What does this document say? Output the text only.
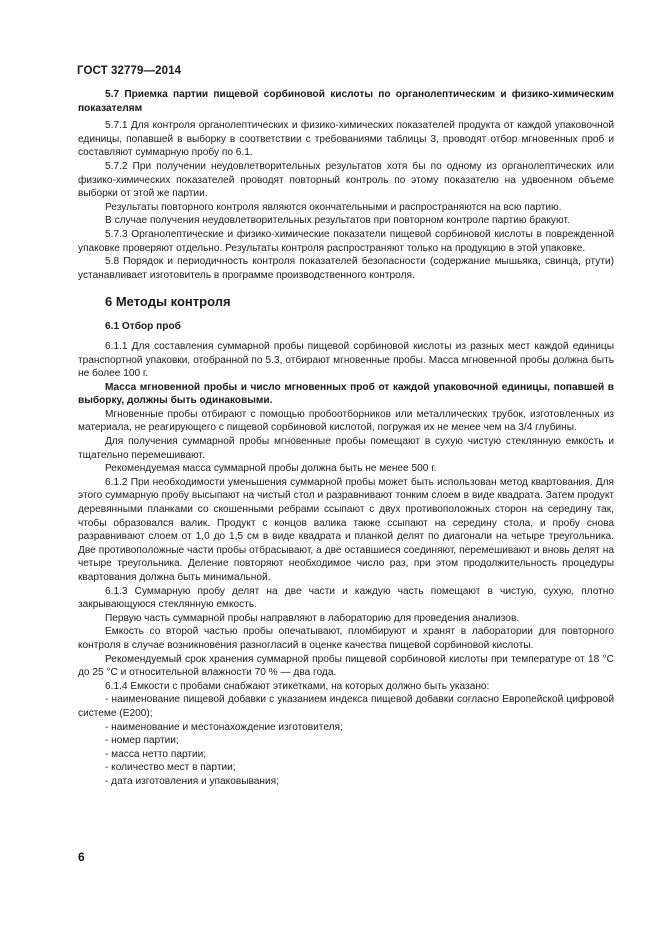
ГОСТ 32779—2014

5.7 Приемка партии пищевой сорбиновой кислоты по органолептическим и физико-химическим показателям

5.7.1 Для контроля органолептических и физико-химических показателей продукта от каждой упаковочной единицы, попавшей в выборку в соответствии с требованиями таблицы 3, проводят отбор мгновенных проб и составляют суммарную пробу по 6.1.

5.7.2 При получении неудовлетворительных результатов хотя бы по одному из органолептических или физико-химических показателей проводят повторный контроль по этому показателю на удвоенном объеме выборки от этой же партии.

Результаты повторного контроля являются окончательными и распространяются на всю партию.

В случае получения неудовлетворительных результатов при повторном контроле партию бракуют.

5.7.3 Органолептические и физико-химические показатели пищевой сорбиновой кислоты в поврежденной упаковке проверяют отдельно. Результаты контроля распространяют только на продукцию в этой упаковке.

5.8 Порядок и периодичность контроля показателей безопасности (содержание мышьяка, свинца, ртути) устанавливает изготовитель в программе производственного контроля.

6 Методы контроля

6.1 Отбор проб

6.1.1 Для составления суммарной пробы пищевой сорбиновой кислоты из разных мест каждой единицы транспортной упаковки, отобранной по 5.3, отбирают мгновенные пробы. Масса мгновенной пробы должна быть не более 100 г.

Масса мгновенной пробы и число мгновенных проб от каждой упаковочной единицы, попавшей в выборку, должны быть одинаковыми.

Мгновенные пробы отбирают с помощью пробоотборников или металлических трубок, изготовленных из материала, не реагирующего с пищевой сорбиновой кислотой, погружая их не менее чем на 3/4 глубины.

Для получения суммарной пробы мгновенные пробы помещают в сухую чистую стеклянную емкость и тщательно перемешивают.

Рекомендуемая масса суммарной пробы должна быть не менее 500 г.

6.1.2 При необходимости уменьшения суммарной пробы может быть использован метод квартования. Для этого суммарную пробу высыпают на чистый стол и разравнивают тонким слоем в виде квадрата. Затем продукт деревянными планками со скошенными ребрами ссыпают с двух противоположных сторон на середину так, чтобы образовался валик. Продукт с концов валика также ссыпают на середину стола, и пробу снова разравнивают слоем от 1,0 до 1,5 см в виде квадрата и планкой делят по диагонали на четыре треугольника. Две противоположные части пробы отбрасывают, а две оставшиеся соединяют, перемешивают и вновь делят на четыре треугольника. Деление повторяют необходимое число раз, при этом продолжительность процедуры квартования должна быть минимальной.

6.1.3 Суммарную пробу делят на две части и каждую часть помещают в чистую, сухую, плотно закрывающуюся стеклянную емкость.

Первую часть суммарной пробы направляют в лабораторию для проведения анализов.

Емкость со второй частью пробы опечатывают, пломбируют и хранят в лаборатории для повторного контроля в случае возникновения разногласий в оценке качества пищевой сорбиновой кислоты.

Рекомендуемый срок хранения суммарной пробы пищевой сорбиновой кислоты при температуре от 18 °С до 25 °С и относительной влажности 70 % — два года.

6.1.4 Емкости с пробами снабжают этикетками, на которых должно быть указано:

- наименование пищевой добавки с указанием индекса пищевой добавки согласно Европейской цифровой системе (Е200);
- наименование и местонахождение изготовителя;
- номер партии;
- масса нетто партии;
- количество мест в партии;
- дата изготовления и упаковывания;
6
